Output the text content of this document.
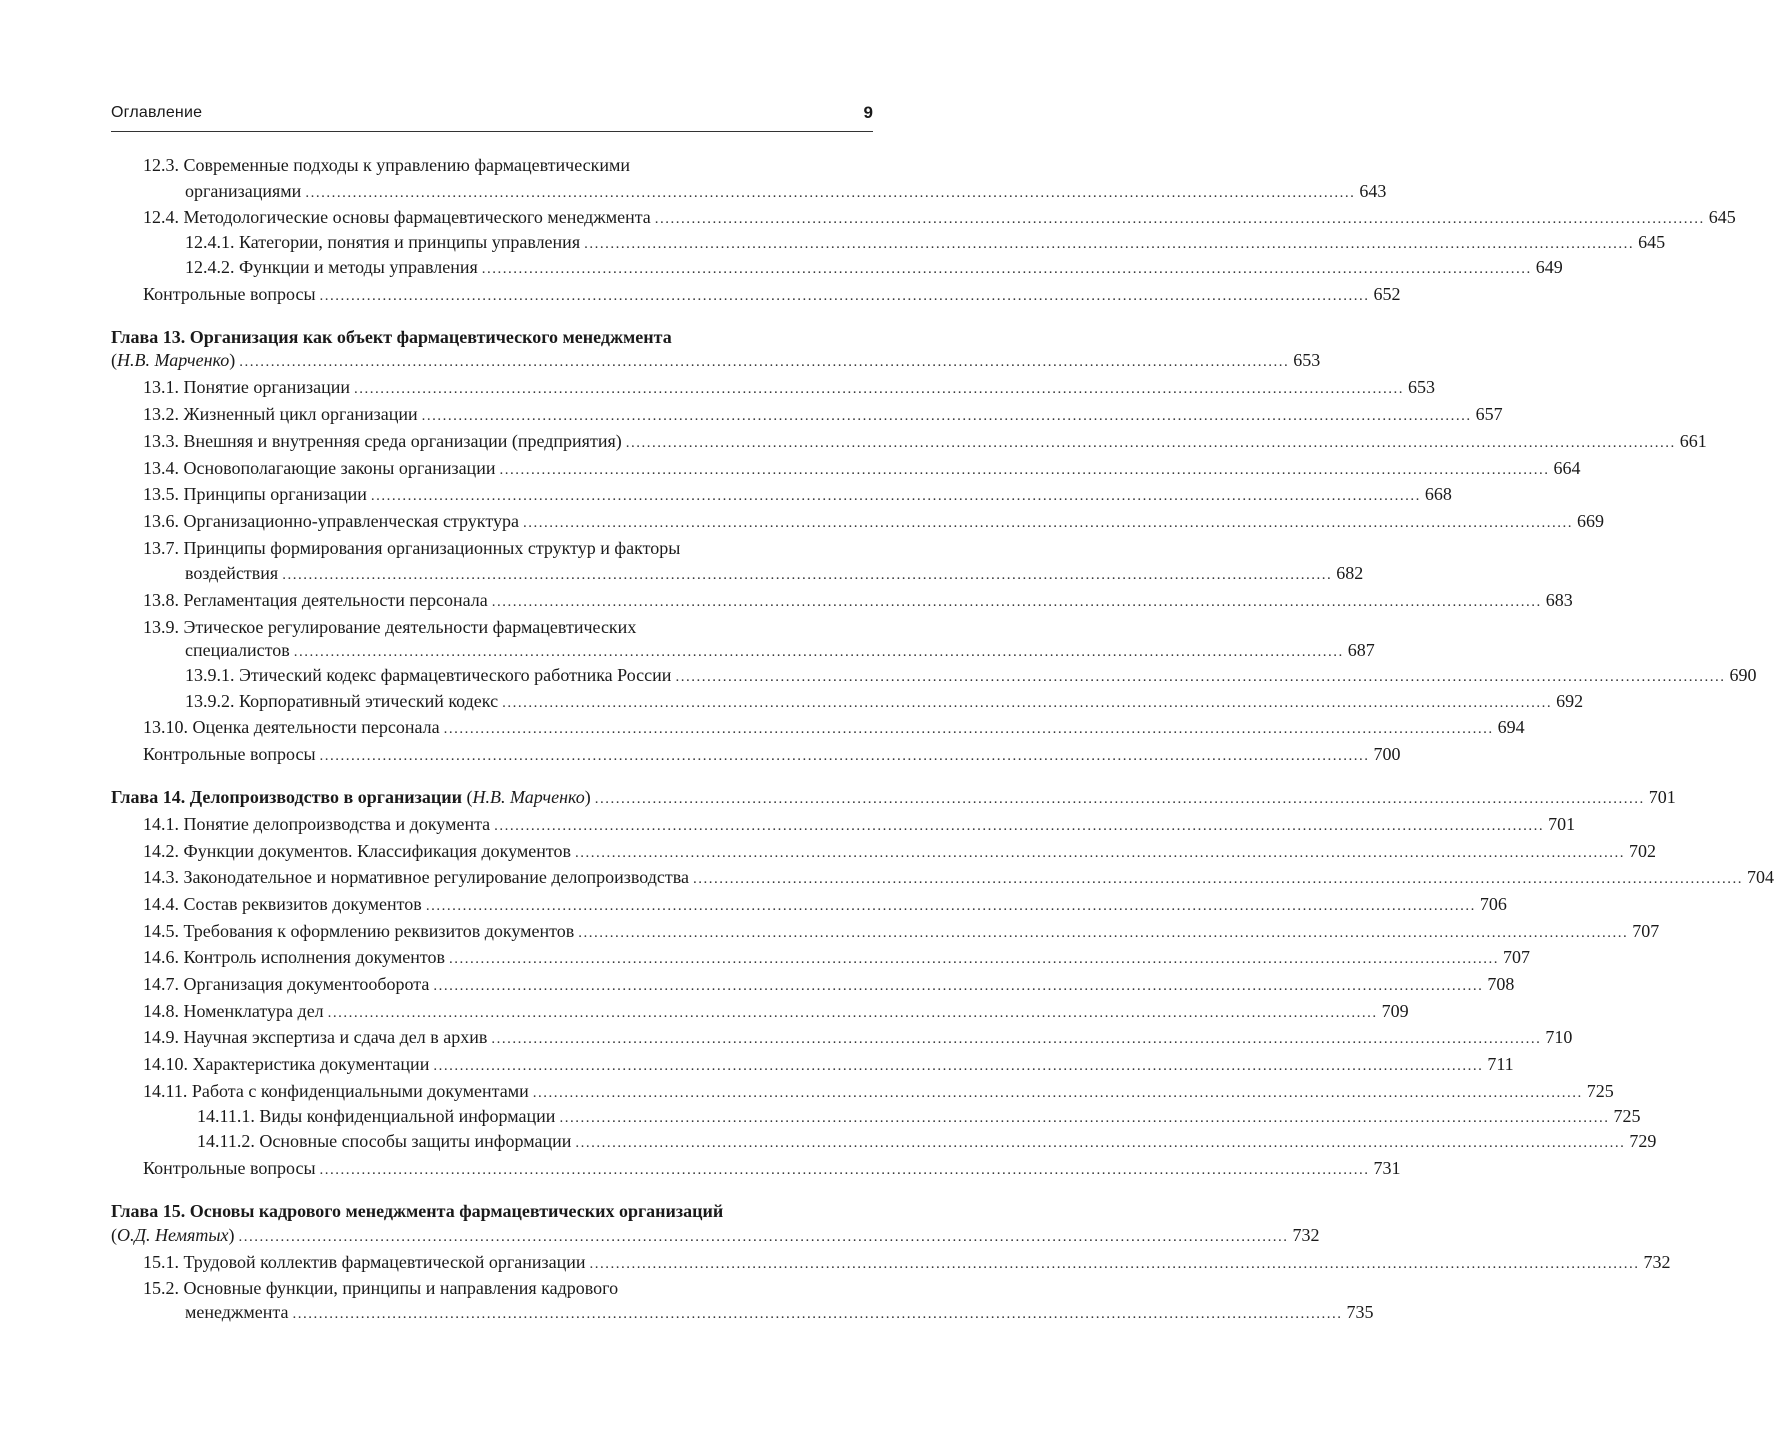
Оглавление	9
12.3. Современные подходы к управлению фармацевтическими
организациями ........................................................................................................................................................................................................ 643
12.4. Методологические основы фармацевтического менеджмента ........................................................................................................................................................................................................ 645
12.4.1. Категории, понятия и принципы управления ........................................................................................................................................................................................................ 645
12.4.2. Функции и методы управления ........................................................................................................................................................................................................ 649
Контрольные вопросы ........................................................................................................................................................................................................ 652
Глава 13. Организация как объект фармацевтического менеджмента
(Н.В. Марченко) ........................................................................................................................................................................................................ 653
13.1. Понятие организации ........................................................................................................................................................................................................ 653
13.2. Жизненный цикл организации ........................................................................................................................................................................................................ 657
13.3. Внешняя и внутренняя среда организации (предприятия) ........................................................................................................................................................................................................ 661
13.4. Основополагающие законы организации ........................................................................................................................................................................................................ 664
13.5. Принципы организации ........................................................................................................................................................................................................ 668
13.6. Организационно-управленческая структура ........................................................................................................................................................................................................ 669
13.7. Принципы формирования организационных структур и факторы
воздействия ........................................................................................................................................................................................................ 682
13.8. Регламентация деятельности персонала ........................................................................................................................................................................................................ 683
13.9. Этическое регулирование деятельности фармацевтических
специалистов ........................................................................................................................................................................................................ 687
13.9.1. Этический кодекс фармацевтического работника России ........................................................................................................................................................................................................ 690
13.9.2. Корпоративный этический кодекс ........................................................................................................................................................................................................ 692
13.10. Оценка деятельности персонала ........................................................................................................................................................................................................ 694
Контрольные вопросы ........................................................................................................................................................................................................ 700
Глава 14. Делопроизводство в организации (Н.В. Марченко) ........................................................................................................................................................................................................ 701
14.1. Понятие делопроизводства и документа ........................................................................................................................................................................................................ 701
14.2. Функции документов. Классификация документов ........................................................................................................................................................................................................ 702
14.3. Законодательное и нормативное регулирование делопроизводства ........................................................................................................................................................................................................ 704
14.4. Состав реквизитов документов ........................................................................................................................................................................................................ 706
14.5. Требования к оформлению реквизитов документов ........................................................................................................................................................................................................ 707
14.6. Контроль исполнения документов ........................................................................................................................................................................................................ 707
14.7. Организация документооборота ........................................................................................................................................................................................................ 708
14.8. Номенклатура дел ........................................................................................................................................................................................................ 709
14.9. Научная экспертиза и сдача дел в архив ........................................................................................................................................................................................................ 710
14.10. Характеристика документации ........................................................................................................................................................................................................ 711
14.11. Работа с конфиденциальными документами ........................................................................................................................................................................................................ 725
14.11.1. Виды конфиденциальной информации ........................................................................................................................................................................................................ 725
14.11.2. Основные способы защиты информации ........................................................................................................................................................................................................ 729
Контрольные вопросы ........................................................................................................................................................................................................ 731
Глава 15. Основы кадрового менеджмента фармацевтических организаций
(О.Д. Немятых) ........................................................................................................................................................................................................ 732
15.1. Трудовой коллектив фармацевтической организации ........................................................................................................................................................................................................ 732
15.2. Основные функции, принципы и направления кадрового
менеджмента ........................................................................................................................................................................................................ 735
